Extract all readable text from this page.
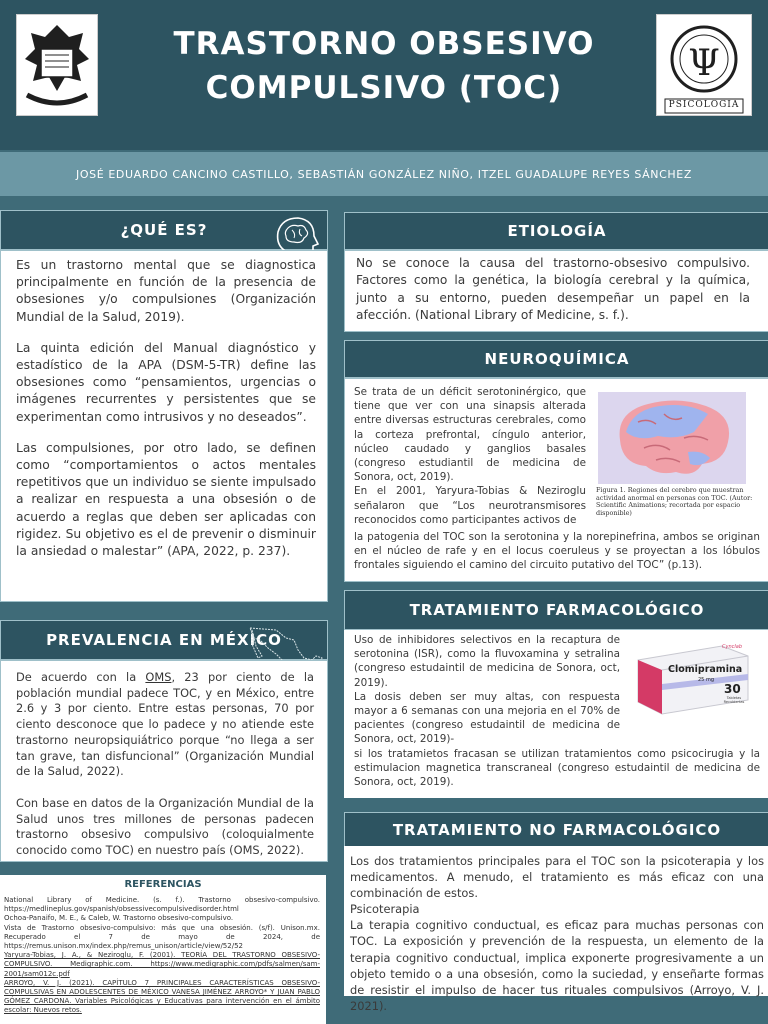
Ψ
PSICOLOGIA
TRASTORNO OBSESIVO
COMPULSIVO (TOC)
JOSÉ EDUARDO CANCINO CASTILLO, SEBASTIÁN GONZÁLEZ NIÑO, ITZEL GUADALUPE REYES SÁNCHEZ
¿QUÉ ES?

Es un trastorno mental que se diagnostica principalmente en función de la presencia de obsesiones y/o compulsiones (Organización Mundial de la Salud, 2019).

La quinta edición del Manual diagnóstico y estadístico de la APA (DSM-5-TR) define las obsesiones como “pensamientos, urgencias o imágenes recurrentes y persistentes que se experimentan como intrusivos y no deseados”.

Las compulsiones, por otro lado, se definen como “comportamientos o actos mentales repetitivos que un individuo se siente impulsado a realizar en respuesta a una obsesión o de acuerdo a reglas que deben ser aplicadas con rigidez. Su objetivo es el de prevenir o disminuir la ansiedad o malestar” (APA, 2022, p. 237).

PREVALENCIA EN MÉXICO

De acuerdo con la OMS, 23 por ciento de la población mundial padece TOC, y en México, entre 2.6 y 3 por ciento. Entre estas personas, 70 por ciento desconoce que lo padece y no atiende este trastorno neuropsiquiátrico porque “no llega a ser tan grave, tan disfuncional” (Organización Mundial de la Salud, 2022).

Con base en datos de la Organización Mundial de la Salud unos tres millones de personas padecen trastorno obsesivo compulsivo (coloquialmente conocido como TOC) en nuestro país (OMS, 2022).

REFERENCIAS

National Library of Medicine. (s. f.). Trastorno obsesivo-compulsivo. https://medlineplus.gov/spanish/obsessivecompulsivedisorder.html

Ochoa-Panaifo, M. E., & Caleb, W. Trastorno obsesivo-compulsivo.

Vista de Trastorno obsesivo-compulsivo: más que una obsesión. (s/f). Unison.mx. Recuperado el 7 de mayo de 2024, de https://remus.unison.mx/index.php/remus_unison/article/view/52/52

Yaryura-Tobias, J. A., & Neziroglu, F. (2001). TEORÍA DEL TRASTORNO OBSESIVO-COMPULSIVO. Medigraphic.com. https://www.medigraphic.com/pdfs/salmen/sam-2001/sam012c.pdf

ARROYO, V. J. (2021). CAPÍTULO 7 PRINCIPALES CARACTERÍSTICAS OBSESIVO-COMPULSIVAS EN ADOLESCENTES DE MÉXICO VANESA JIMÉNEZ ARROYO* Y JUAN PABLO GÓMEZ CARDONA. Variables Psicológicas y Educativas para intervención en el ámbito escolar: Nuevos retos.

ETIOLOGÍA
No se conoce la causa del trastorno-obsesivo compulsivo. Factores como la genética, la biología cerebral y la química, junto a su entorno, pueden desempeñar un papel en la afección. (National Library of Medicine, s. f.).
NEUROQUÍMICA
Se trata de un déficit serotoninérgico, que tiene que ver con una sinapsis alterada entre diversas estructuras cerebrales, como la corteza prefrontal, cíngulo anterior, núcleo caudado y ganglios basales (congreso estudiantil de medicina de Sonora, oct, 2019).
En el 2001, Yaryura-Tobias & Neziroglu señalaron que “Los neurotransmisores reconocidos como participantes activos de
la patogenia del TOC son la serotonina y la norepinefrina, ambos se originan en el núcleo de rafe y en el locus coeruleus y se proyectan a los lóbulos frontales siguiendo el camino del circuito putativo del TOC” (p.13).
Figura 1. Regiones del cerebro que muestran actividad anormal en personas con TOC. (Autor: Scientific Animations; recortada por espacio disponible)
TRATAMIENTO FARMACOLÓGICO
Uso de inhibidores selectivos en la recaptura de serotonina (ISR), como la fluvoxamina y setralina (congreso estudaintil de medicina de Sonora, oct, 2019).
La dosis deben ser muy altas, con respuesta mayor a 6 semanas con una mejoria en el 70% de pacientes (congreso estudaintil de medicina de Sonora, oct, 2019)-
si los tratamietos fracasan se utilizan tratamientos como psicocirugia y la estimulacion magnetica transcraneal (congreso estudaintil de medicina de Sonora, oct, 2019).
Cynclab
Clomipramina
25 mg
30
Tabletas Recubiertas
TRATAMIENTO NO FARMACOLÓGICO
Los dos tratamientos principales para el TOC son la psicoterapia y los medicamentos. A menudo, el tratamiento es más eficaz con una combinación de estos.
Psicoterapia
La terapia cognitivo conductual, es eficaz para muchas personas con TOC. La exposición y prevención de la respuesta, un elemento de la terapia cognitivo conductual, implica exponerte progresivamente a un objeto temido o a una obsesión, como la suciedad, y enseñarte formas de resistir el impulso de hacer tus rituales compulsivos (Arroyo, V. J. 2021).
